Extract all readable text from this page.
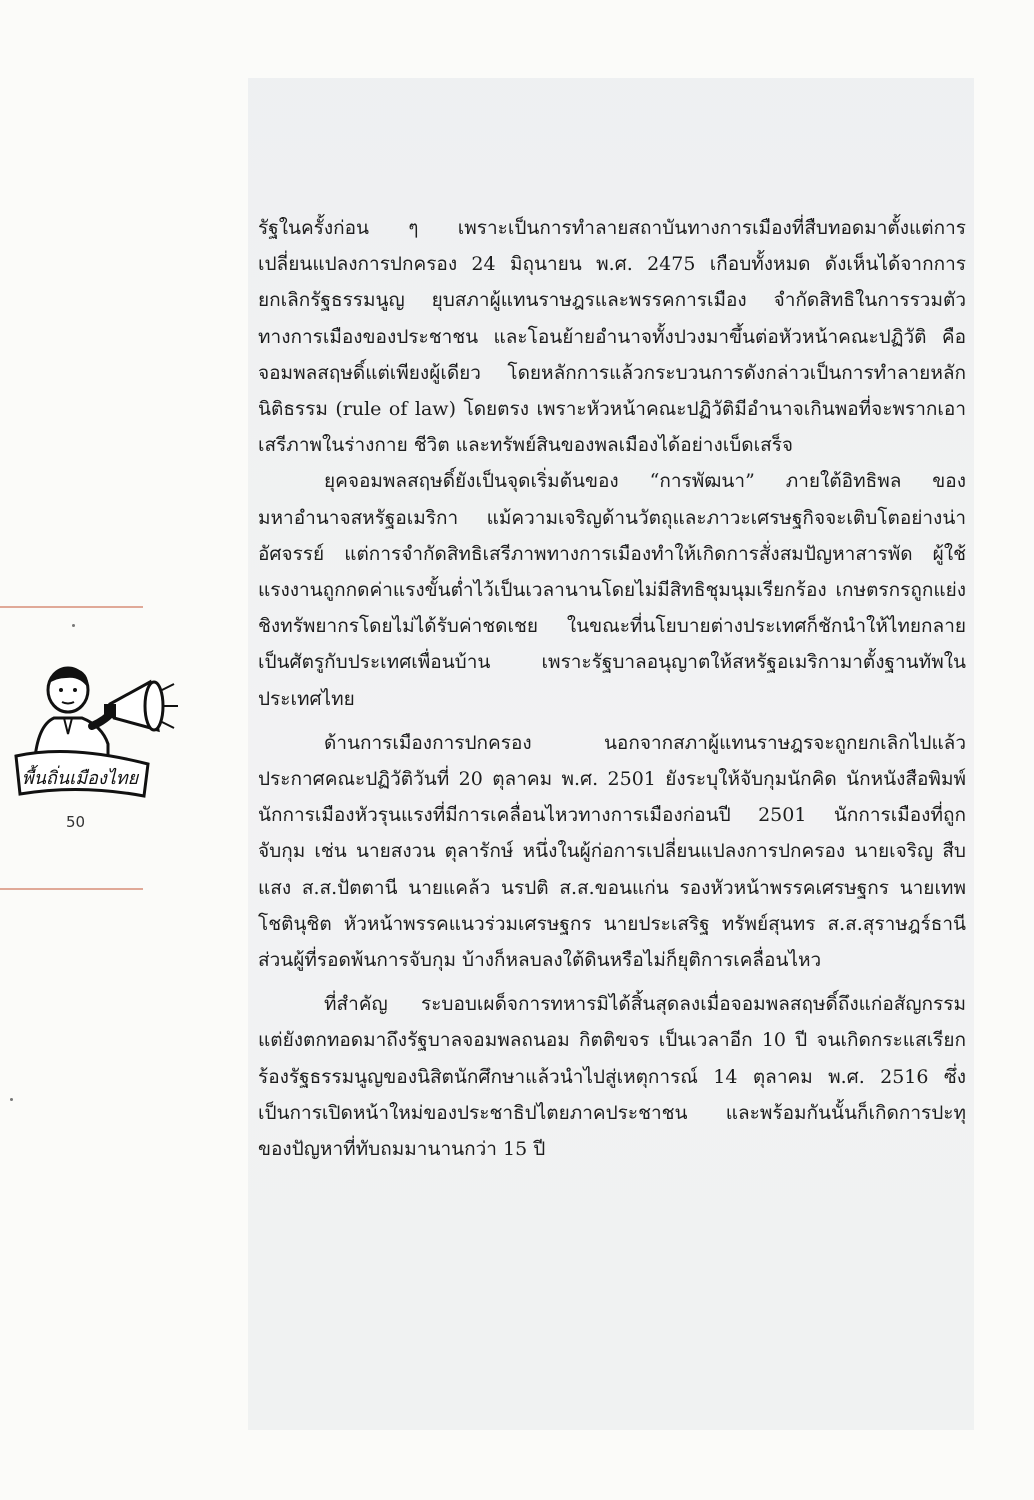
รัฐในครั้งก่อน ๆ เพราะเป็นการทำลายสถาบันทางการเมืองที่สืบทอดมาตั้งแต่การเปลี่ยนแปลงการปกครอง 24 มิถุนายน พ.ศ. 2475 เกือบทั้งหมด ดังเห็นได้จากการยกเลิกรัฐธรรมนูญ ยุบสภาผู้แทนราษฎรและพรรคการเมือง จำกัดสิทธิในการรวมตัวทางการเมืองของประชาชน และโอนย้ายอำนาจทั้งปวงมาขึ้นต่อหัวหน้าคณะปฏิวัติ คือ จอมพลสฤษดิ์แต่เพียงผู้เดียว โดยหลักการแล้วกระบวนการดังกล่าวเป็นการทำลายหลักนิติธรรม (rule of law) โดยตรง เพราะหัวหน้าคณะปฏิวัติมีอำนาจเกินพอที่จะพรากเอาเสรีภาพในร่างกาย ชีวิต และทรัพย์สินของพลเมืองได้อย่างเบ็ดเสร็จ

ยุคจอมพลสฤษดิ์ยังเป็นจุดเริ่มต้นของ “การพัฒนา” ภายใต้อิทธิพล ของมหาอำนาจสหรัฐอเมริกา แม้ความเจริญด้านวัตถุและภาวะเศรษฐกิจจะเติบโตอย่างน่าอัศจรรย์ แต่การจำกัดสิทธิเสรีภาพทางการเมืองทำให้เกิดการสั่งสมปัญหาสารพัด ผู้ใช้แรงงานถูกกดค่าแรงขั้นต่ำไว้เป็นเวลานานโดยไม่มีสิทธิชุมนุมเรียกร้อง เกษตรกรถูกแย่งชิงทรัพยากรโดยไม่ได้รับค่าชดเชย ในขณะที่นโยบายต่างประเทศก็ชักนำให้ไทยกลายเป็นศัตรูกับประเทศเพื่อนบ้าน เพราะรัฐบาลอนุญาตให้สหรัฐอเมริกามาตั้งฐานทัพในประเทศไทย

ด้านการเมืองการปกครอง นอกจากสภาผู้แทนราษฎรจะถูกยกเลิกไปแล้ว ประกาศคณะปฏิวัติวันที่ 20 ตุลาคม พ.ศ. 2501 ยังระบุให้จับกุมนักคิด นักหนังสือพิมพ์ นักการเมืองหัวรุนแรงที่มีการเคลื่อนไหวทางการเมืองก่อนปี 2501 นักการเมืองที่ถูกจับกุม เช่น นายสงวน ตุลารักษ์ หนึ่งในผู้ก่อการเปลี่ยนแปลงการปกครอง นายเจริญ สืบแสง ส.ส.ปัตตานี นายแคล้ว นรปติ ส.ส.ขอนแก่น รองหัวหน้าพรรคเศรษฐกร นายเทพ โชตินุชิต หัวหน้าพรรคแนวร่วมเศรษฐกร นายประเสริฐ ทรัพย์สุนทร ส.ส.สุราษฎร์ธานี ส่วนผู้ที่รอดพ้นการจับกุม บ้างก็หลบลงใต้ดินหรือไม่ก็ยุติการเคลื่อนไหว

ที่สำคัญ ระบอบเผด็จการทหารมิได้สิ้นสุดลงเมื่อจอมพลสฤษดิ์ถึงแก่อสัญกรรม แต่ยังตกทอดมาถึงรัฐบาลจอมพลถนอม กิตติขจร เป็นเวลาอีก 10 ปี จนเกิดกระแสเรียกร้องรัฐธรรมนูญของนิสิตนักศึกษาแล้วนำไปสู่เหตุการณ์ 14 ตุลาคม พ.ศ. 2516 ซึ่งเป็นการเปิดหน้าใหม่ของประชาธิปไตยภาคประชาชน และพร้อมกันนั้นก็เกิดการปะทุของปัญหาที่ทับถมมานานกว่า 15 ปี

พื้นถิ่นเมืองไทย
50
